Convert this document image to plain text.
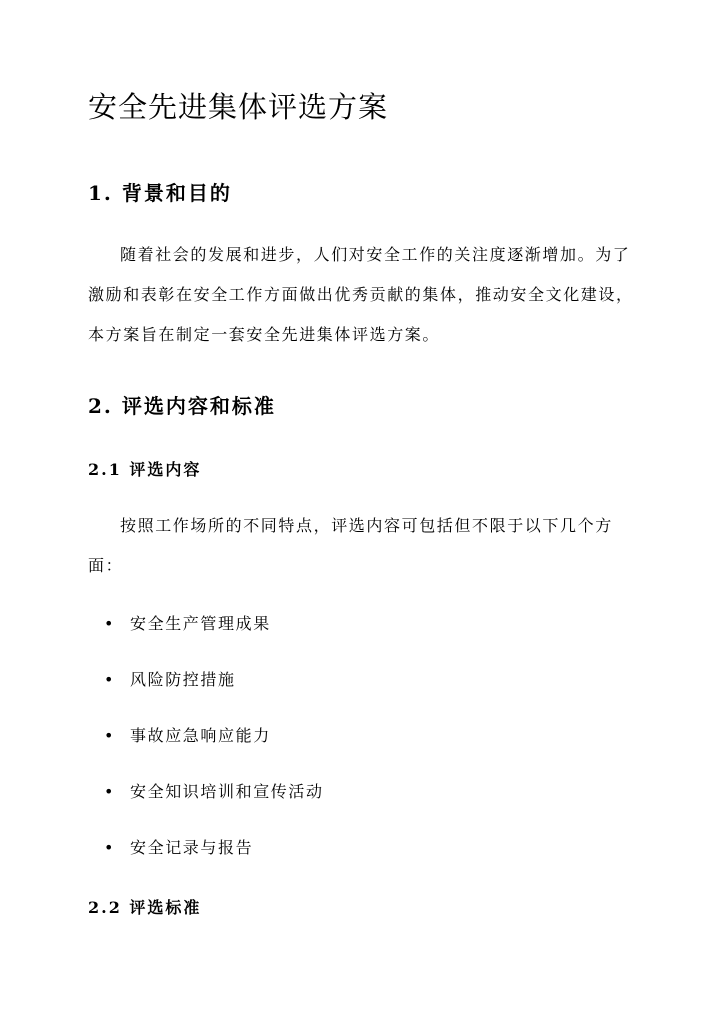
安全先进集体评选方案
1. 背景和目的

随着社会的发展和进步，人们对安全工作的关注度逐渐增加。为了激励和表彰在安全工作方面做出优秀贡献的集体，推动安全文化建设，本方案旨在制定一套安全先进集体评选方案。

2. 评选内容和标准
2.1 评选内容

按照工作场所的不同特点，评选内容可包括但不限于以下几个方面：

• 安全生产管理成果
• 风险防控措施
• 事故应急响应能力
• 安全知识培训和宣传活动
• 安全记录与报告
2.2 评选标准
